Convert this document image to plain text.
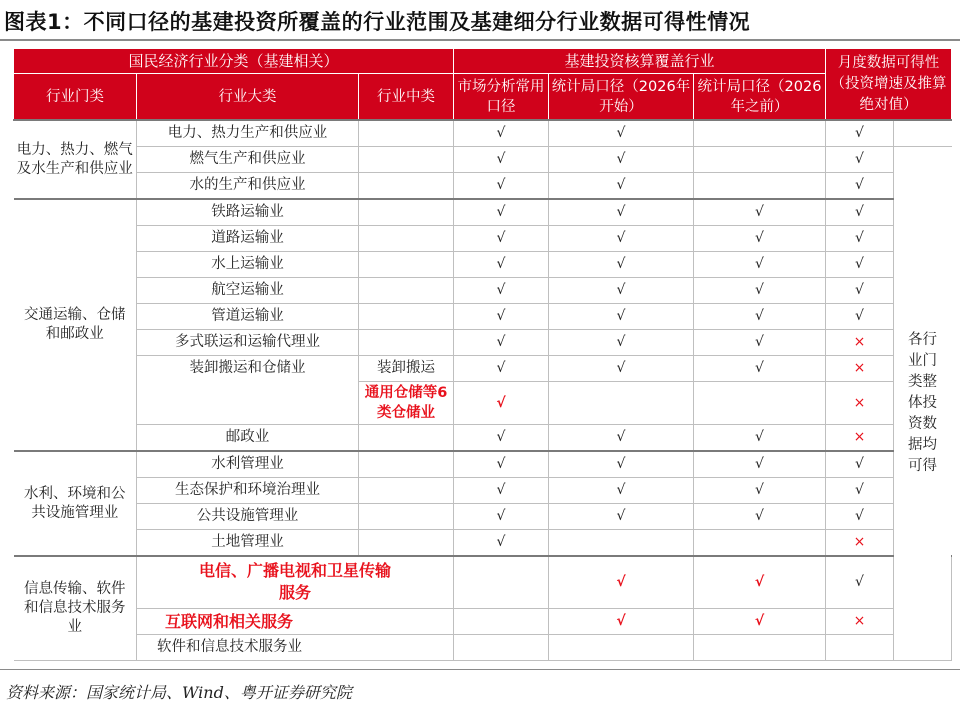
图表1：不同口径的基建投资所覆盖的行业范围及基建细分行业数据可得性情况
国民经济行业分类（基建相关）			基建投资核算覆盖行业			月度数据可得性（投资增速及推算绝对值）		
行业门类	行业大类	行业中类	市场分析常用口径	统计局口径（2026年开始）	统计局口径（2026年之前）			
电力、热力、燃气及水生产和供应业	电力、热力生产和供应业		√	√		√		
	燃气生产和供应业		√	√		√	各行业门类整体投资数据均可得	
	水的生产和供应业		√	√		√		
交通运输、仓储和邮政业	铁路运输业		√	√	√	√		
	道路运输业		√	√	√	√		
	水上运输业		√	√	√	√		
	航空运输业		√	√	√	√		
	管道运输业		√	√	√	√		
	多式联运和运输代理业		√	√	√	×		
	装卸搬运和仓储业	装卸搬运	√	√	√	×		
		通用仓储等6类仓储业	√			×		
	邮政业		√	√	√	×		
水利、环境和公共设施管理业	水利管理业		√	√	√	√		
	生态保护和环境治理业		√	√	√	√		
	公共设施管理业		√	√	√	√		
	土地管理业		√			×		
信息传输、软件和信息技术服务业	电信、广播电视和卫星传输服务			√	√	√		
	互联网和相关服务			√	√	×		
	软件和信息技术服务业							
资料来源：国家统计局、Wind、粤开证券研究院
